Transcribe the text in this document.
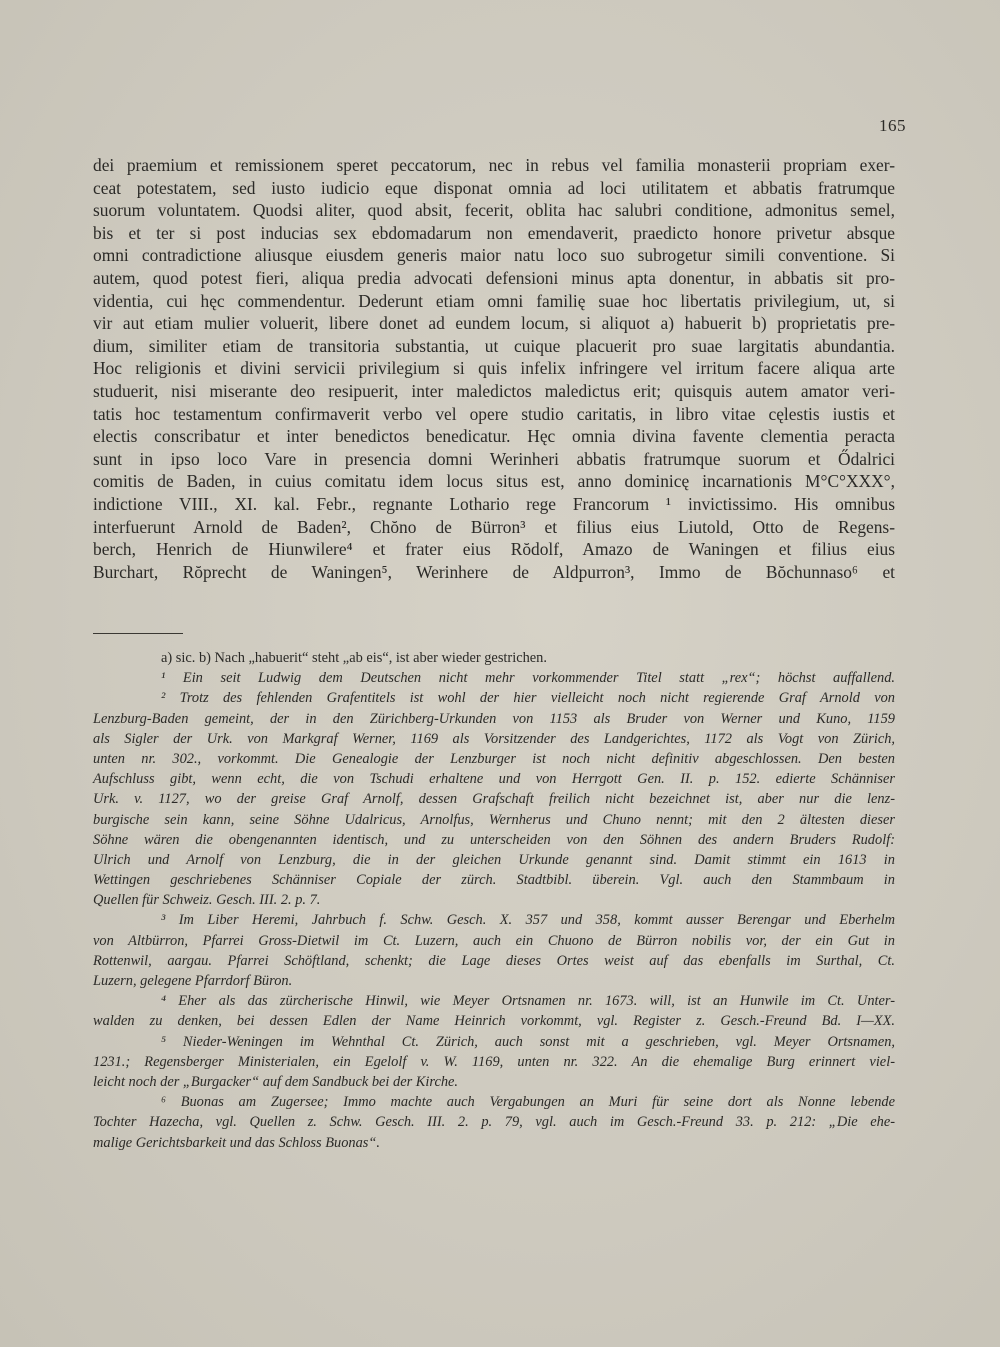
165
dei praemium et remissionem speret peccatorum, nec in rebus vel familia monasterii propriam exer-
ceat potestatem, sed iusto iudicio eque disponat omnia ad loci utilitatem et abbatis fratrumque
suorum voluntatem. Quodsi aliter, quod absit, fecerit, oblita hac salubri conditione, admonitus semel,
bis et ter si post inducias sex ebdomadarum non emendaverit, praedicto honore privetur absque
omni contradictione aliusque eiusdem generis maior natu loco suo subrogetur simili conventione. Si
autem, quod potest fieri, aliqua predia advocati defensioni minus apta donentur, in abbatis sit pro-
videntia, cui hęc commendentur. Dederunt etiam omni familię suae hoc libertatis privilegium, ut, si
vir aut etiam mulier voluerit, libere donet ad eundem locum, si aliquot a) habuerit b) proprietatis pre-
dium, similiter etiam de transitoria substantia, ut cuique placuerit pro suae largitatis abundantia.
Hoc religionis et divini servicii privilegium si quis infelix infringere vel irritum facere aliqua arte
studuerit, nisi miserante deo resipuerit, inter maledictos maledictus erit; quisquis autem amator veri-
tatis hoc testamentum confirmaverit verbo vel opere studio caritatis, in libro vitae cęlestis iustis et
electis conscribatur et inter benedictos benedicatur. Hęc omnia divina favente clementia peracta
sunt in ipso loco Vare in presencia domni Werinheri abbatis fratrumque suorum et Ődalrici
comitis de Baden, in cuius comitatu idem locus situs est, anno dominicę incarnationis M°C°XXX°,
indictione VIII., XI. kal. Febr., regnante Lothario rege Francorum ¹ invictissimo. His omnibus
interfuerunt Arnold de Baden², Chŏno de Bürron³ et filius eius Liutold, Otto de Regens-
berch, Henrich de Hiunwilere⁴ et frater eius Rŏdolf, Amazo de Waningen et filius eius
Burchart, Rŏprecht de Waningen⁵, Werinhere de Aldpurron³, Immo de Bŏchunnaso⁶ et
a) sic. b) Nach „habuerit“ steht „ab eis“, ist aber wieder gestrichen.
¹ Ein seit Ludwig dem Deutschen nicht mehr vorkommender Titel statt „rex“; höchst auffallend.
² Trotz des fehlenden Grafentitels ist wohl der hier vielleicht noch nicht regierende Graf Arnold von
Lenzburg-Baden gemeint, der in den Zürichberg-Urkunden von 1153 als Bruder von Werner und Kuno, 1159
als Sigler der Urk. von Markgraf Werner, 1169 als Vorsitzender des Landgerichtes, 1172 als Vogt von Zürich,
unten nr. 302., vorkommt. Die Genealogie der Lenzburger ist noch nicht definitiv abgeschlossen. Den besten
Aufschluss gibt, wenn echt, die von Tschudi erhaltene und von Herrgott Gen. II. p. 152. edierte Schänniser
Urk. v. 1127, wo der greise Graf Arnolf, dessen Grafschaft freilich nicht bezeichnet ist, aber nur die lenz-
burgische sein kann, seine Söhne Udalricus, Arnolfus, Wernherus und Chuno nennt; mit den 2 ältesten dieser
Söhne wären die obengenannten identisch, und zu unterscheiden von den Söhnen des andern Bruders Rudolf:
Ulrich und Arnolf von Lenzburg, die in der gleichen Urkunde genannt sind. Damit stimmt ein 1613 in
Wettingen geschriebenes Schänniser Copiale der zürch. Stadtbibl. überein. Vgl. auch den Stammbaum in
Quellen für Schweiz. Gesch. III. 2. p. 7.
³ Im Liber Heremi, Jahrbuch f. Schw. Gesch. X. 357 und 358, kommt ausser Berengar und Eberhelm
von Altbürron, Pfarrei Gross-Dietwil im Ct. Luzern, auch ein Chuono de Bürron nobilis vor, der ein Gut in
Rottenwil, aargau. Pfarrei Schöftland, schenkt; die Lage dieses Ortes weist auf das ebenfalls im Surthal, Ct.
Luzern, gelegene Pfarrdorf Büron.
⁴ Eher als das zürcherische Hinwil, wie Meyer Ortsnamen nr. 1673. will, ist an Hunwile im Ct. Unter-
walden zu denken, bei dessen Edlen der Name Heinrich vorkommt, vgl. Register z. Gesch.-Freund Bd. I—XX.
⁵ Nieder-Weningen im Wehnthal Ct. Zürich, auch sonst mit a geschrieben, vgl. Meyer Ortsnamen,
1231.; Regensberger Ministerialen, ein Egelolf v. W. 1169, unten nr. 322. An die ehemalige Burg erinnert viel-
leicht noch der „Burgacker“ auf dem Sandbuck bei der Kirche.
⁶ Buonas am Zugersee; Immo machte auch Vergabungen an Muri für seine dort als Nonne lebende
Tochter Hazecha, vgl. Quellen z. Schw. Gesch. III. 2. p. 79, vgl. auch im Gesch.-Freund 33. p. 212: „Die ehe-
malige Gerichtsbarkeit und das Schloss Buonas“.
